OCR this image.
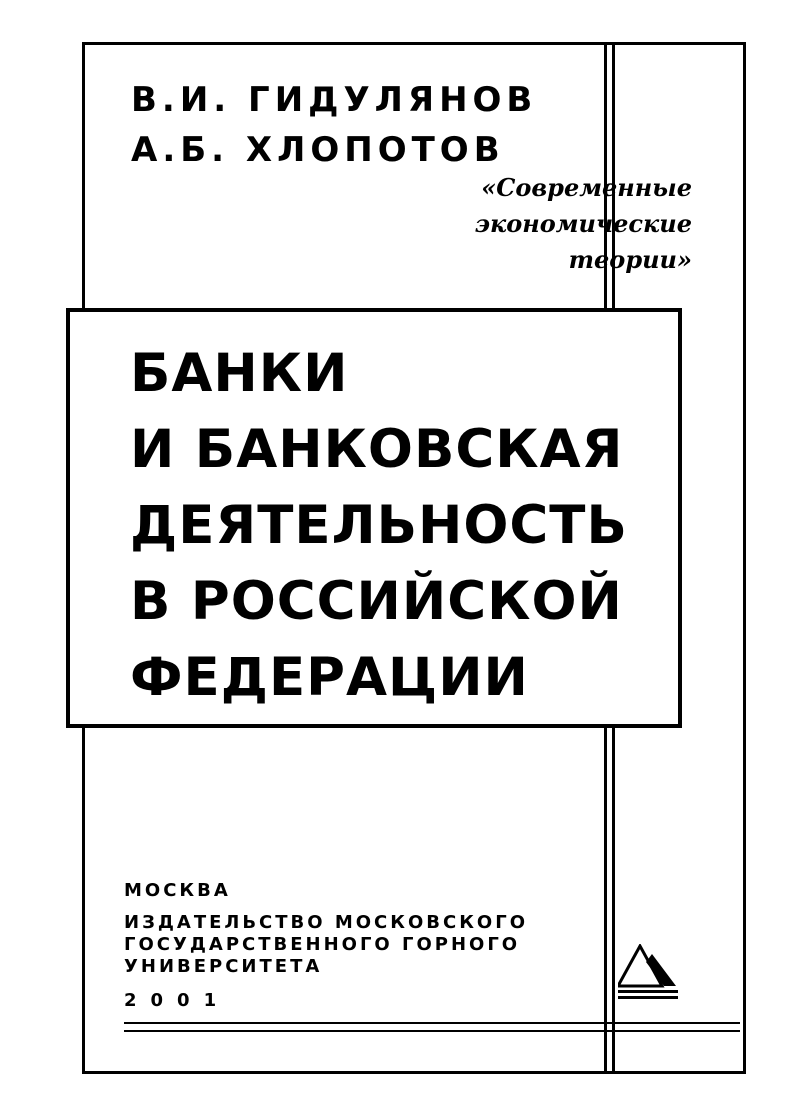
В.И. ГИДУЛЯНОВ
А.Б. ХЛОПОТОВ
«Современные
экономические
теории»
БАНКИ
И БАНКОВСКАЯ
ДЕЯТЕЛЬНОСТЬ
В РОССИЙСКОЙ
ФЕДЕРАЦИИ
МОСКВА
ИЗДАТЕЛЬСТВО МОСКОВСКОГО
ГОСУДАРСТВЕННОГО ГОРНОГО
УНИВЕРСИТЕТА
2001
